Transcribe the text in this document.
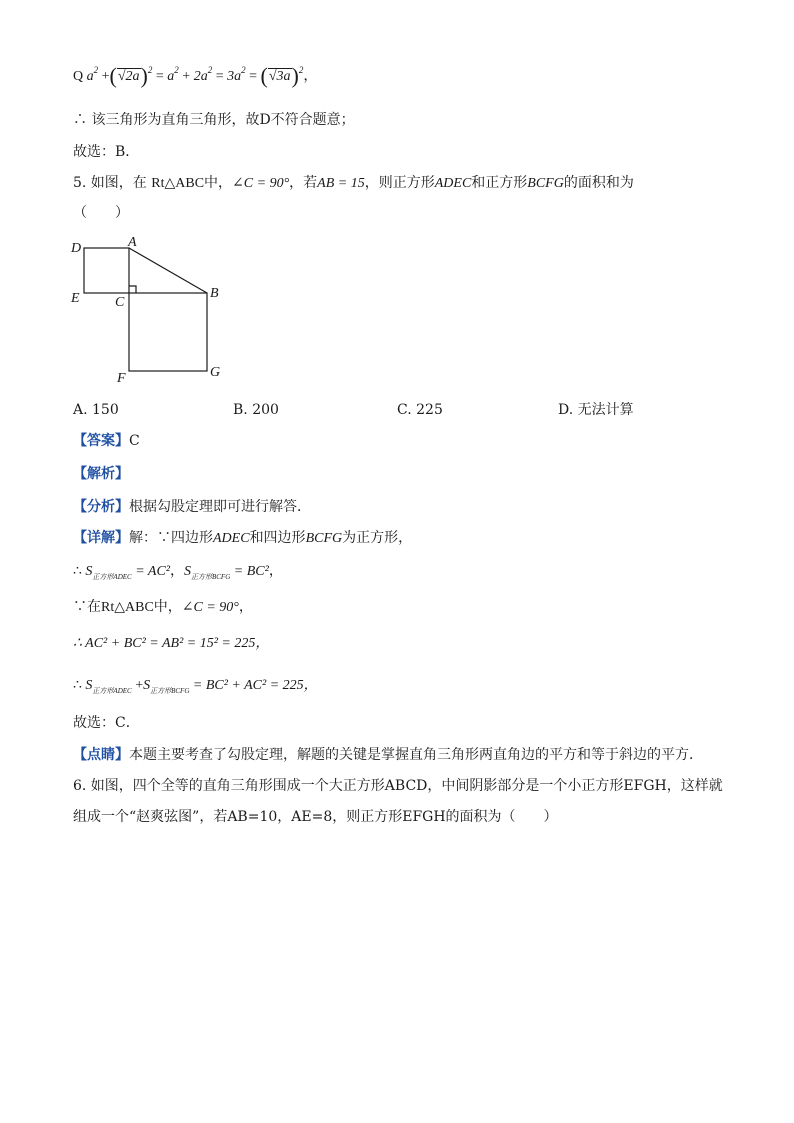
Q $a^2 +(√2a)^2 = a^2 + 2a^2 = 3a^2 = (√3a)^2$，
∴ 该三角形为直角三角形，故D不符合题意；
故选：B．
5. 如图，在 Rt△ABC中，∠C = 90°，若AB = 15，则正方形ADEC和正方形BCFG的面积和为
（　　）
D	A
E	C
B
F	G
A. 150	B. 200	C. 225	D. 无法计算
【答案】C
【解析】
【分析】根据勾股定理即可进行解答．
【详解】解：∵四边形ADEC和四边形BCFG为正方形，
∴ $S_{正方形ADEC} = AC^2$，$S_{正方形BCFG} = BC^2$，
∵在Rt△ABC中，∠C = 90°，
∴ AC² + BC² = AB² = 15² = 225，
∴ $S_{正方形ADEC} +S_{正方形BCFG} = BC^2 + AC^2 = 225$，
故选：C．
【点睛】本题主要考查了勾股定理，解题的关键是掌握直角三角形两直角边的平方和等于斜边的平方．
6. 如图，四个全等的直角三角形围成一个大正方形ABCD，中间阴影部分是一个小正方形EFGH，这样就
组成一个“赵爽弦图”，若AB=10，AE=8，则正方形EFGH的面积为（　　）
